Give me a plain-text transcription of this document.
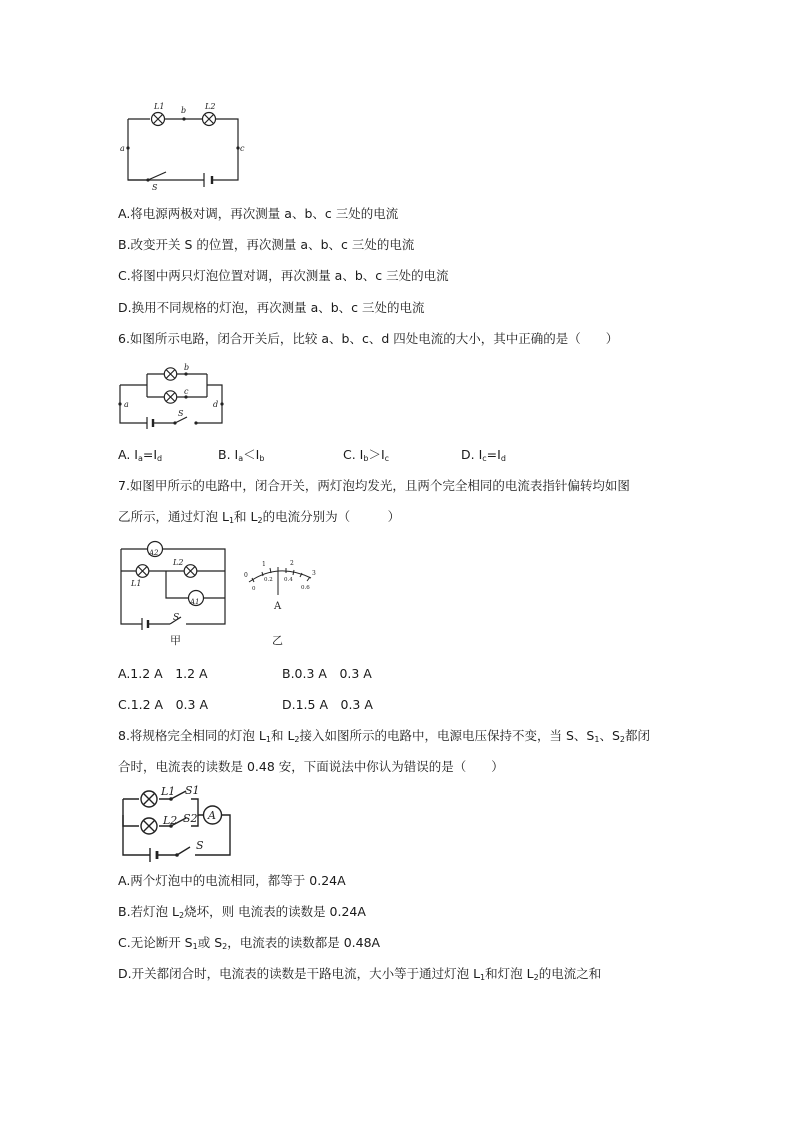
L1	L2
b
a	c
S
A.将电源两极对调，再次测量 a、b、c 三处的电流
B.改变开关 S 的位置，再次测量 a、b、c 三处的电流
C.将图中两只灯泡位置对调，再次测量 a、b、c 三处的电流
D.换用不同规格的灯泡，再次测量 a、b、c 三处的电流
6.如图所示电路，闭合开关后，比较 a、b、c、d 四处电流的大小，其中正确的是（　　）
a
b
c
d
S
A. $I_a=I_d$	B. $I_a<I_b$	C. $I_b>I_c$	D. $I_c=I_d$
7.如图甲所示的电路中，闭合开关，两灯泡均发光，且两个完全相同的电流表指针偏转均如图
乙所示，通过灯泡 $L_1$和 $L_2$的电流分别为（　　　）
A2
A1
L1
L2
S
甲
0
1	2
3
0
0.2 0.4
0.6
A
乙
A.1.2 A　1.2 A	B.0.3 A　0.3 A
C.1.2 A　0.3 A	D.1.5 A　0.3 A
8.将规格完全相同的灯泡 $L_1$和 $L_2$接入如图所示的电路中，电源电压保持不变，当 S、$S_1$、$S_2$都闭
合时，电流表的读数是 0.48 安，下面说法中你认为错误的是（　　）
L1 S1
L2 S2 A
S
A.两个灯泡中的电流相同，都等于 0.24A
B.若灯泡 $L_2$烧坏，则 电流表的读数是 0.24A
C.无论断开 $S_1$或 $S_2$，电流表的读数都是 0.48A
D.开关都闭合时，电流表的读数是干路电流，大小等于通过灯泡 $L_1$和灯泡 $L_2$的电流之和
